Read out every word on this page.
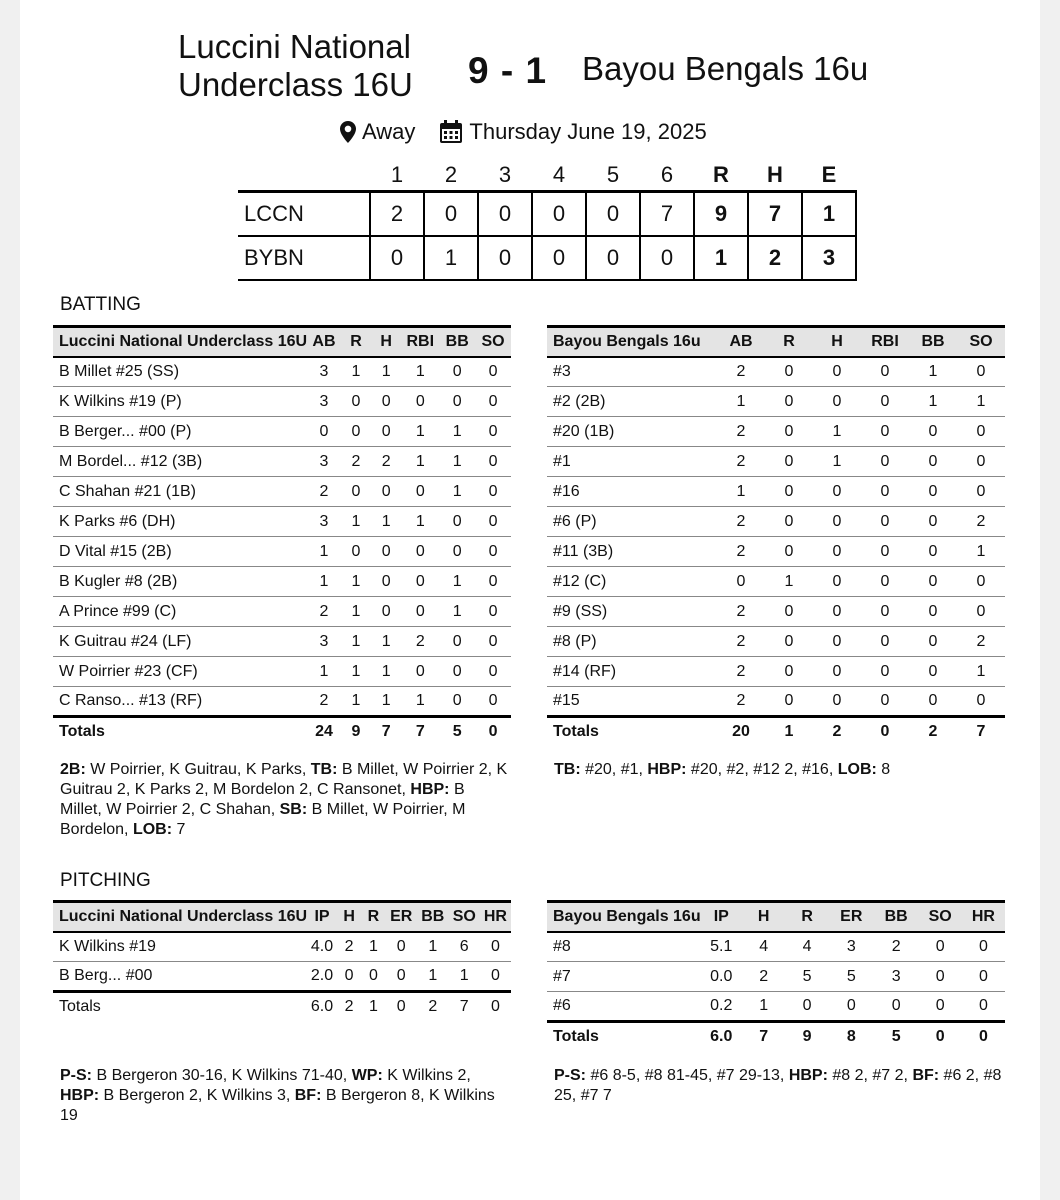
Luccini National Underclass 16U	9 - 1 Bayou Bengals 16u
Away Thursday June 19, 2025
	1	2	3	4	5	6	R	H	E
LCCN	2	0	0	0	0	7	9	7	1
BYBN	0	1	0	0	0	0	1	2	3
BATTING
Luccini National Underclass 16U	AB	R	H	RBI	BB	SO
B Millet #25 (SS)	3	1	1	1	0	0
K Wilkins #19 (P)	3	0	0	0	0	0
B Berger... #00 (P)	0	0	0	1	1	0
M Bordel... #12 (3B)	3	2	2	1	1	0
C Shahan #21 (1B)	2	0	0	0	1	0
K Parks #6 (DH)	3	1	1	1	0	0
D Vital #15 (2B)	1	0	0	0	0	0
B Kugler #8 (2B)	1	1	0	0	1	0
A Prince #99 (C)	2	1	0	0	1	0
K Guitrau #24 (LF)	3	1	1	2	0	0
W Poirrier #23 (CF)	1	1	1	0	0	0
C Ranso... #13 (RF)	2	1	1	1	0	0
Totals	24	9	7	7	5	0
2B: W Poirrier, K Guitrau, K Parks, TB: B Millet, W Poirrier 2, K Guitrau 2, K Parks 2, M Bordelon 2, C Ransonet, HBP: B Millet, W Poirrier 2, C Shahan, SB: B Millet, W Poirrier, M Bordelon, LOB: 7
Bayou Bengals 16u	AB	R	H	RBI	BB	SO
#3	2	0	0	0	1	0
#2 (2B)	1	0	0	0	1	1
#20 (1B)	2	0	1	0	0	0
#1	2	0	1	0	0	0
#16	1	0	0	0	0	0
#6 (P)	2	0	0	0	0	2
#11 (3B)	2	0	0	0	0	1
#12 (C)	0	1	0	0	0	0
#9 (SS)	2	0	0	0	0	0
#8 (P)	2	0	0	0	0	2
#14 (RF)	2	0	0	0	0	1
#15	2	0	0	0	0	0
Totals	20	1	2	0	2	7
TB: #20, #1, HBP: #20, #2, #12 2, #16, LOB: 8
PITCHING
Luccini National Underclass 16U	IP	H	R	ER	BB	SO	HR
K Wilkins #19	4.0	2	1	0	1	6	0
B Berg... #00	2.0	0	0	0	1	1	0
Totals	6.0	2	1	0	2	7	0
P-S: B Bergeron 30-16, K Wilkins 71-40, WP: K Wilkins 2, HBP: B Bergeron 2, K Wilkins 3, BF: B Bergeron 8, K Wilkins 19
Bayou Bengals 16u	IP	H	R	ER	BB	SO	HR
#8	5.1	4	4	3	2	0	0
#7	0.0	2	5	5	3	0	0
#6	0.2	1	0	0	0	0	0
Totals	6.0	7	9	8	5	0	0
P-S: #6 8-5, #8 81-45, #7 29-13, HBP: #8 2, #7 2, BF: #6 2, #8 25, #7 7
